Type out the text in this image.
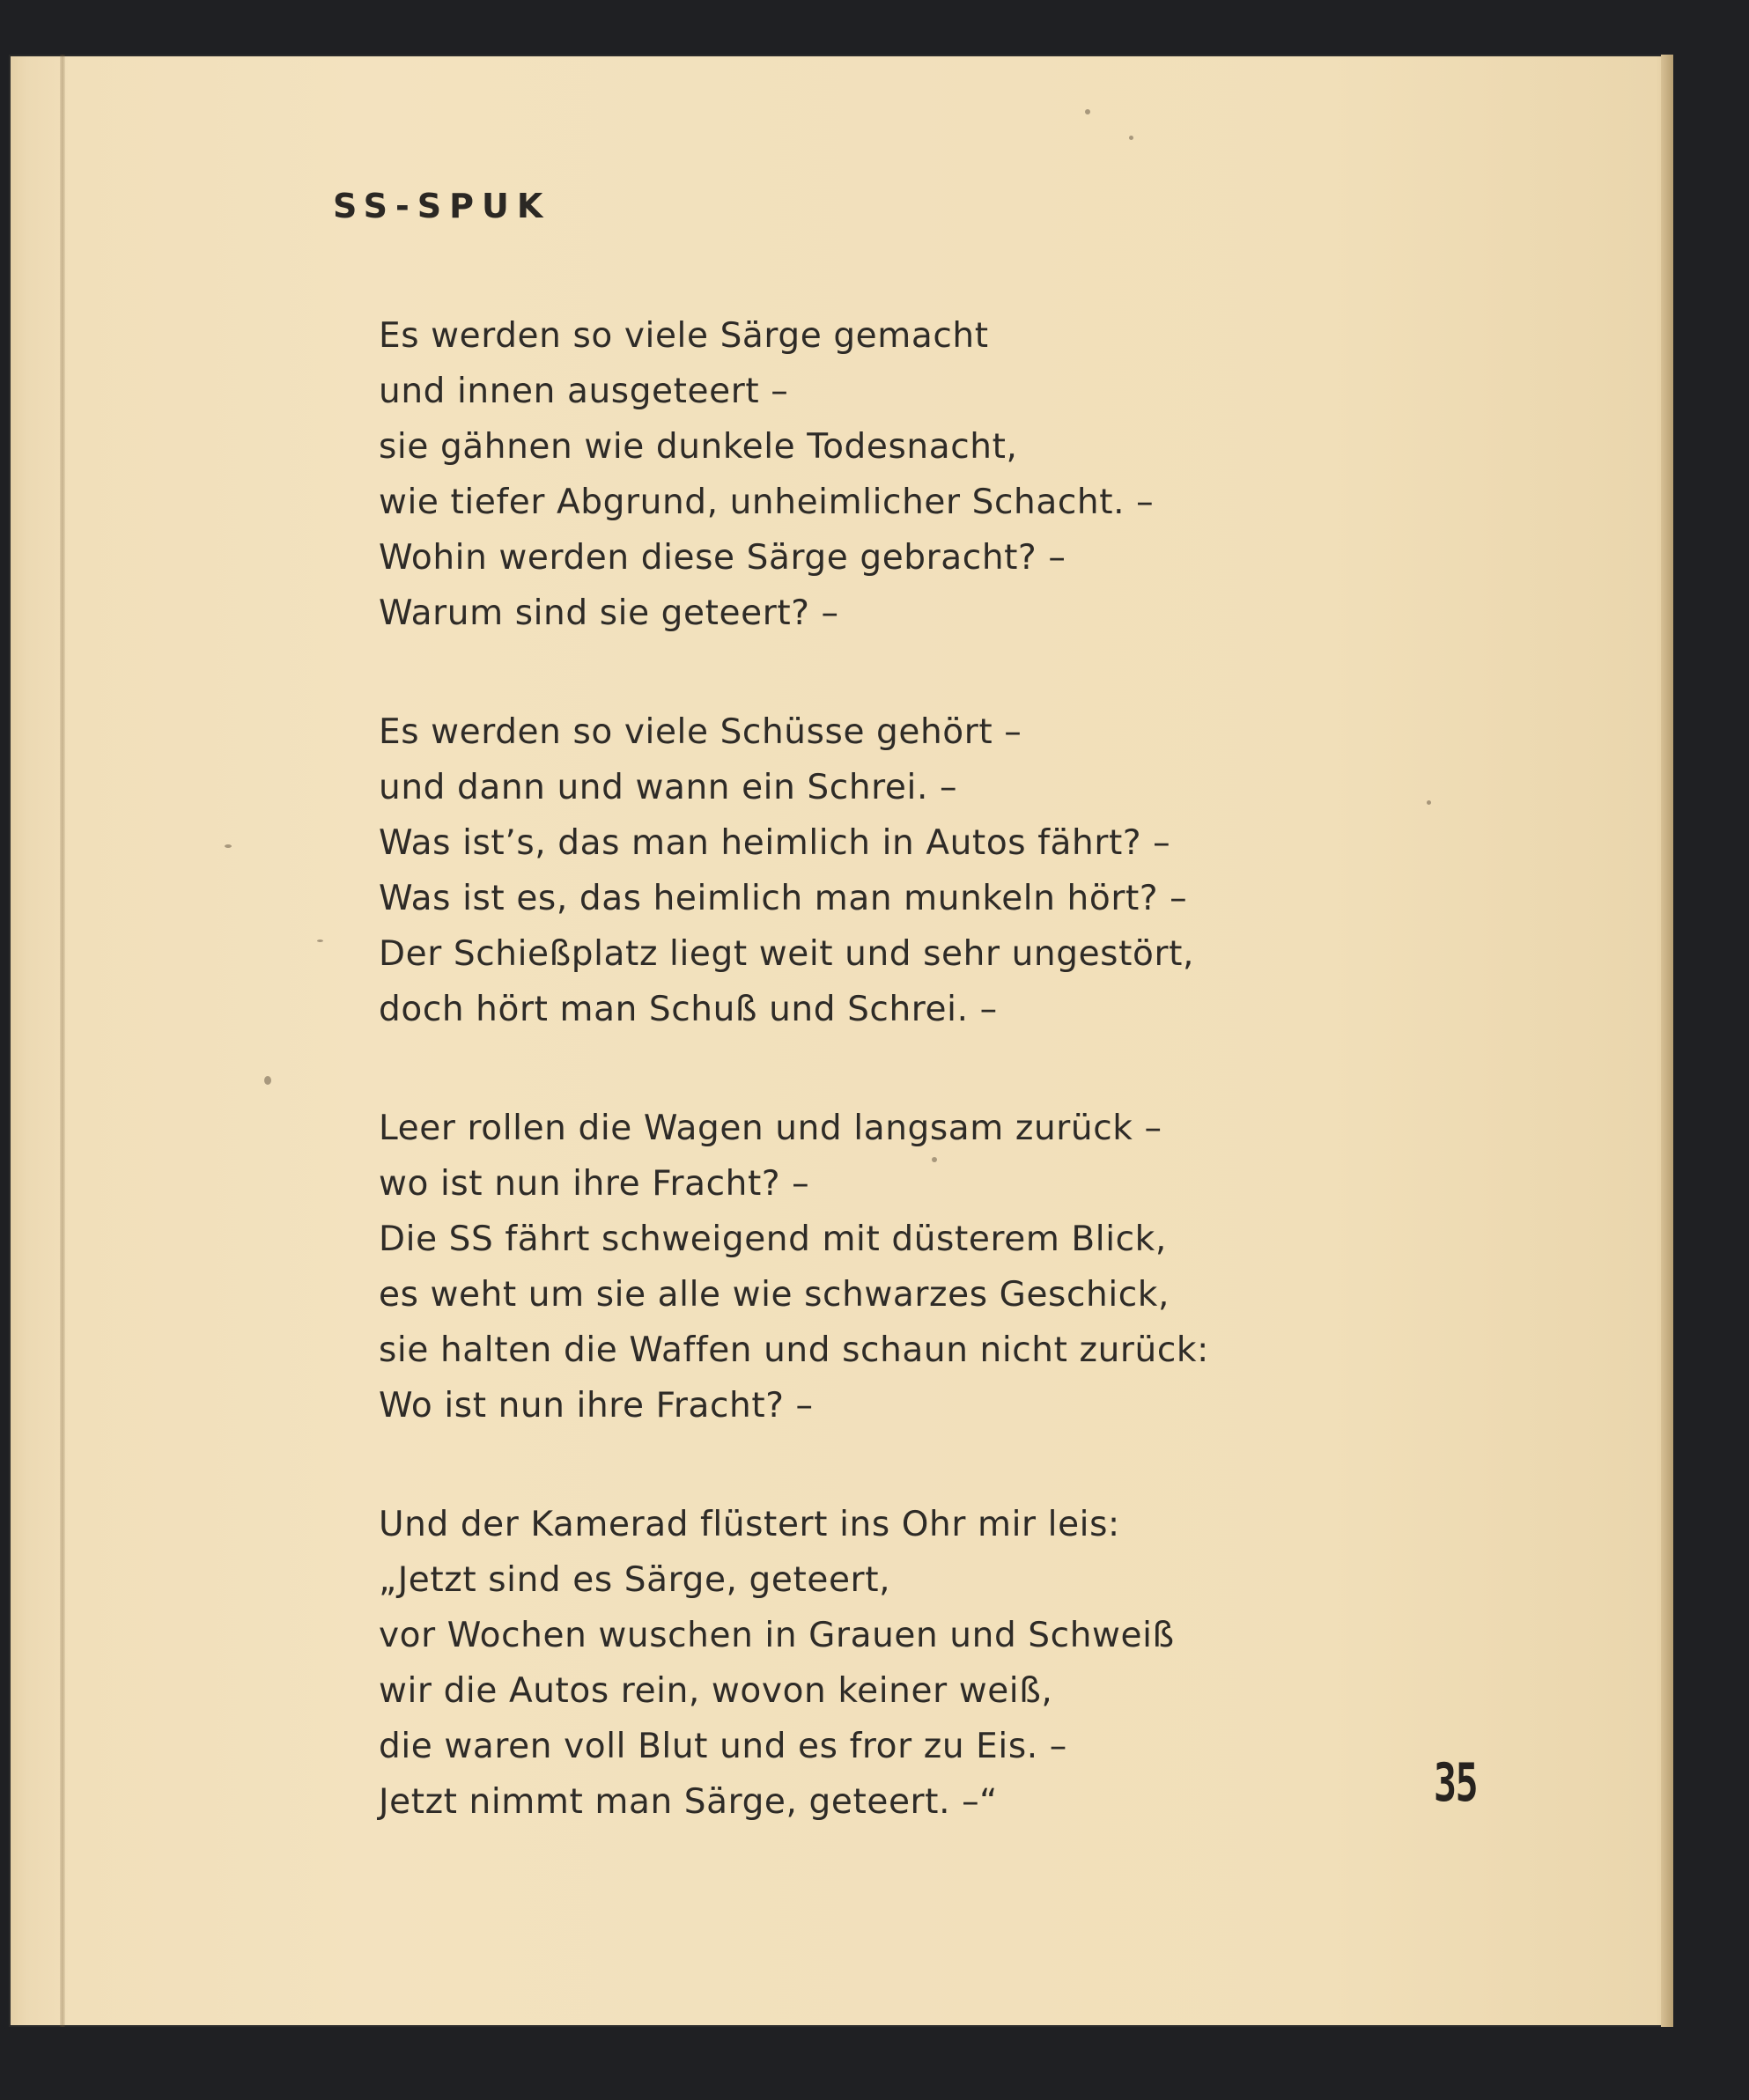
SS-SPUK

Es werden so viele Särge gemacht
und innen ausgeteert –
sie gähnen wie dunkele Todesnacht,
wie tiefer Abgrund, unheimlicher Schacht. –
Wohin werden diese Särge gebracht? –
Warum sind sie geteert? –

Es werden so viele Schüsse gehört –
und dann und wann ein Schrei. –
Was ist’s, das man heimlich in Autos fährt? –
Was ist es, das heimlich man munkeln hört? –
Der Schießplatz liegt weit und sehr ungestört,
doch hört man Schuß und Schrei. –

Leer rollen die Wagen und langsam zurück –
wo ist nun ihre Fracht? –
Die SS fährt schweigend mit düsterem Blick,
es weht um sie alle wie schwarzes Geschick,
sie halten die Waffen und schaun nicht zurück:
Wo ist nun ihre Fracht? –

Und der Kamerad flüstert ins Ohr mir leis:
„Jetzt sind es Särge, geteert,
vor Wochen wuschen in Grauen und Schweiß
wir die Autos rein, wovon keiner weiß,
die waren voll Blut und es fror zu Eis. –
Jetzt nimmt man Särge, geteert. –“	35
